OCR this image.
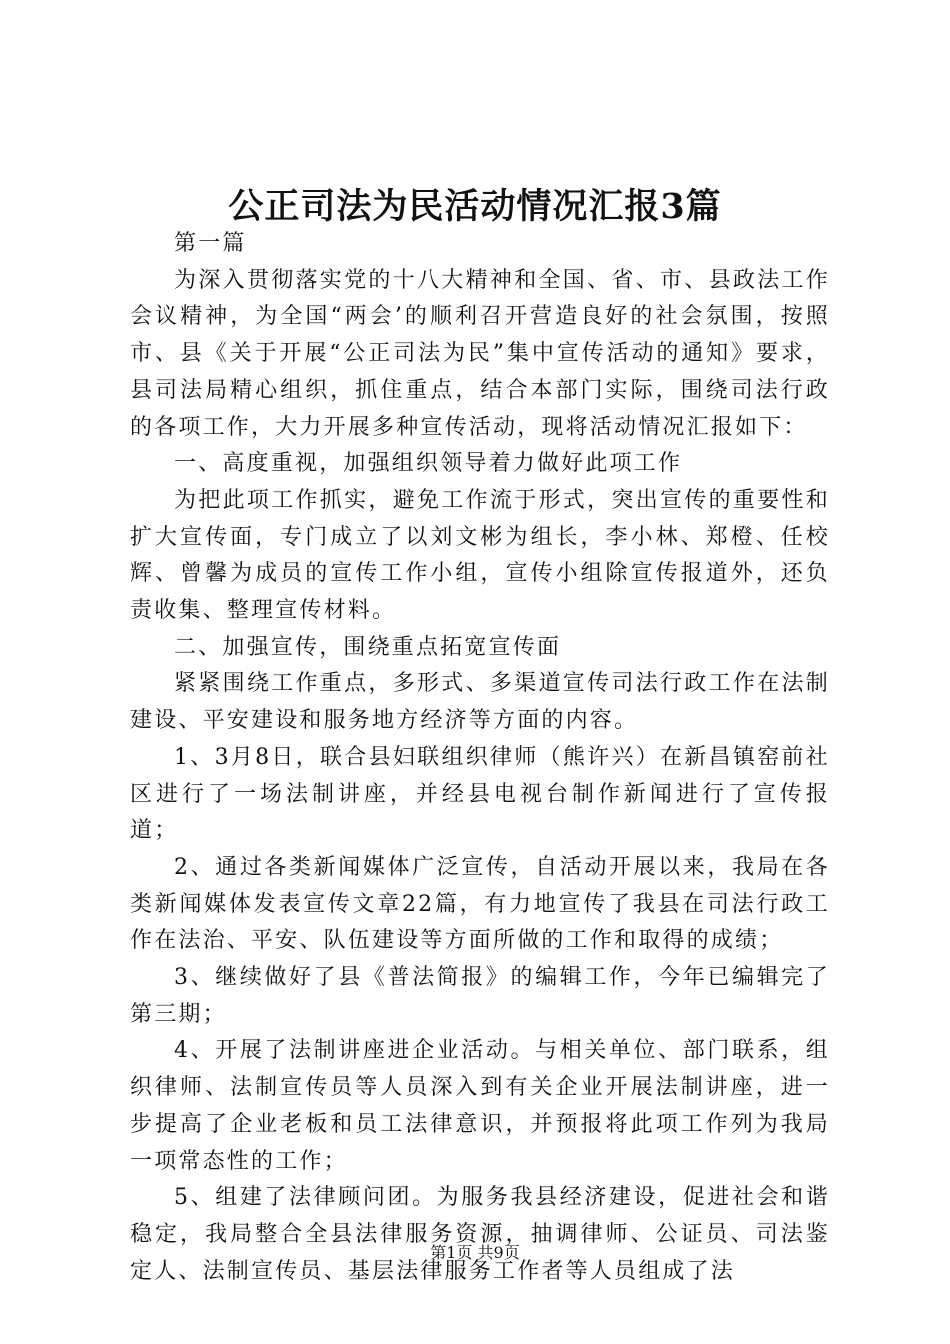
公正司法为民活动情况汇报3篇

第一篇

为深入贯彻落实党的十八大精神和全国、省、市、县政法工作会议精神，为全国“两会’的顺利召开营造良好的社会氛围，按照市、县《关于开展“公正司法为民”集中宣传活动的通知》要求，县司法局精心组织，抓住重点，结合本部门实际，围绕司法行政的各项工作，大力开展多种宣传活动，现将活动情况汇报如下：

一、高度重视，加强组织领导着力做好此项工作

为把此项工作抓实，避免工作流于形式，突出宣传的重要性和扩大宣传面，专门成立了以刘文彬为组长，李小林、郑橙、任校辉、曾馨为成员的宣传工作小组，宣传小组除宣传报道外，还负责收集、整理宣传材料。

二、加强宣传，围绕重点拓宽宣传面

紧紧围绕工作重点，多形式、多渠道宣传司法行政工作在法制建设、平安建设和服务地方经济等方面的内容。

1、3月8日，联合县妇联组织律师（熊许兴）在新昌镇窑前社区进行了一场法制讲座，并经县电视台制作新闻进行了宣传报道；

2、通过各类新闻媒体广泛宣传，自活动开展以来，我局在各类新闻媒体发表宣传文章22篇，有力地宣传了我县在司法行政工作在法治、平安、队伍建设等方面所做的工作和取得的成绩；

3、继续做好了县《普法简报》的编辑工作，今年已编辑完了第三期；

4、开展了法制讲座进企业活动。与相关单位、部门联系，组织律师、法制宣传员等人员深入到有关企业开展法制讲座，进一步提高了企业老板和员工法律意识，并预报将此项工作列为我局一项常态性的工作；

5、组建了法律顾问团。为服务我县经济建设，促进社会和谐稳定，我局整合全县法律服务资源，抽调律师、公证员、司法鉴定人、法制宣传员、基层法律服务工作者等人员组成了法

第1页 共9页
